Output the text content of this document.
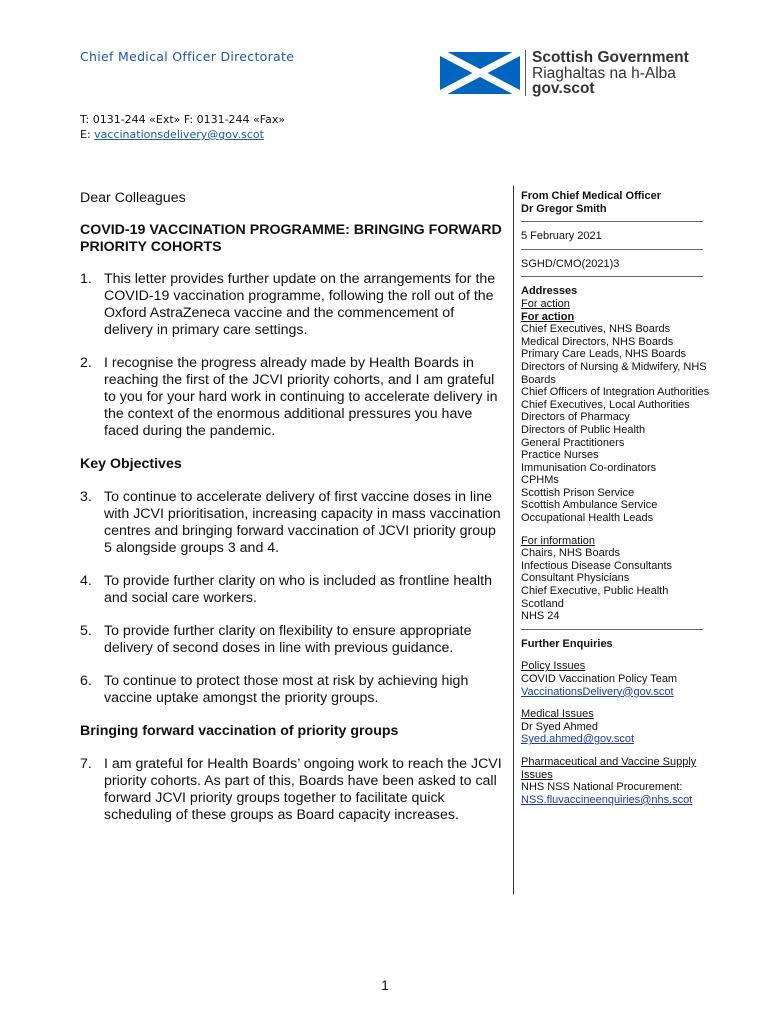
Chief Medical Officer Directorate	Scottish Government
Riaghaltas na h-Alba
gov.scot
T: 0131-244 «Ext» F: 0131-244 «Fax»
E: vaccinationsdelivery@gov.scot
Dear Colleagues
COVID-19 VACCINATION PROGRAMME: BRINGING FORWARD PRIORITY COHORTS
1. This letter provides further update on the arrangements for the COVID-19 vaccination programme, following the roll out of the Oxford AstraZeneca vaccine and the commencement of delivery in primary care settings.
2. I recognise the progress already made by Health Boards in reaching the first of the JCVI priority cohorts, and I am grateful to you for your hard work in continuing to accelerate delivery in the context of the enormous additional pressures you have faced during the pandemic.
Key Objectives
3. To continue to accelerate delivery of first vaccine doses in line with JCVI prioritisation, increasing capacity in mass vaccination centres and bringing forward vaccination of JCVI priority group 5 alongside groups 3 and 4.
4. To provide further clarity on who is included as frontline health and social care workers.
5. To provide further clarity on flexibility to ensure appropriate delivery of second doses in line with previous guidance.
6. To continue to protect those most at risk by achieving high vaccine uptake amongst the priority groups.
Bringing forward vaccination of priority groups
7. I am grateful for Health Boards’ ongoing work to reach the JCVI priority cohorts. As part of this, Boards have been asked to call forward JCVI priority groups together to facilitate quick scheduling of these groups as Board capacity increases.
From Chief Medical Officer
Dr Gregor Smith
5 February 2021
SGHD/CMO(2021)3
Addresses
For action
For action
Chief Executives, NHS Boards
Medical Directors, NHS Boards
Primary Care Leads, NHS Boards
Directors of Nursing & Midwifery, NHS Boards
Chief Officers of Integration Authorities
Chief Executives, Local Authorities
Directors of Pharmacy
Directors of Public Health
General Practitioners
Practice Nurses
Immunisation Co-ordinators
CPHMs
Scottish Prison Service
Scottish Ambulance Service
Occupational Health Leads
For information
Chairs, NHS Boards
Infectious Disease Consultants
Consultant Physicians
Chief Executive, Public Health Scotland
NHS 24
Further Enquiries
Policy Issues
COVID Vaccination Policy Team
VaccinationsDelivery@gov.scot
Medical Issues
Dr Syed Ahmed
Syed.ahmed@gov.scot
Pharmaceutical and Vaccine Supply Issues
NHS NSS National Procurement:
NSS.fluvaccineenquiries@nhs.scot
1
